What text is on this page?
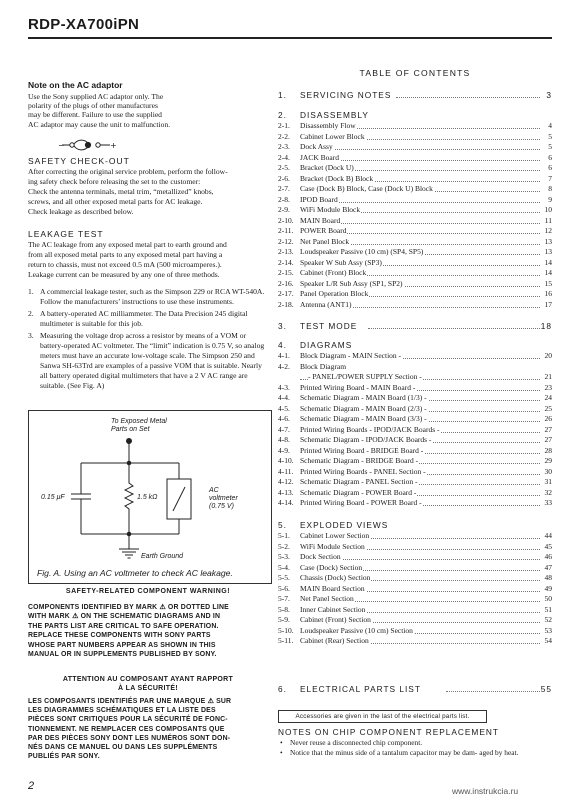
RDP-XA700iPN
Note on the AC adaptor
Use the Sony supplied AC adaptor only. The
polarity of the plugs of other manufactures
may be different. Failure to use the supplied
AC adaptor may cause the unit to malfunction.
−	+
SAFETY CHECK-OUT
After correcting the original service problem, perform the follow-
ing safety check before releasing the set to the customer:
Check the antenna terminals, metal trim, “metallized” knobs,
screws, and all other exposed metal parts for AC leakage.
Check leakage as described below.
LEAKAGE TEST
The AC leakage from any exposed metal part to earth ground and
from all exposed metal parts to any exposed metal part having a
return to chassis, must not exceed 0.5 mA (500 microamperes.).
Leakage current can be measured by any one of three methods.
1. A commercial leakage tester, such as the Simpson 229 or RCA WT-540A. Follow the manufacturers’ instructions to use these instruments.
2. A battery-operated AC milliammeter. The Data Precision 245 digital multimeter is suitable for this job.
3. Measuring the voltage drop across a resistor by means of a VOM or battery-operated AC voltmeter. The “limit” indication is 0.75 V, so analog meters must have an accurate low-voltage scale. The Simpson 250 and Sanwa SH-63Trd are examples of a passive VOM that is suitable. Nearly all battery operated digital multimeters that have a 2 V AC range are suitable. (See Fig. A)
To Exposed Metal
Parts on Set
0.15 μF	1.5 kΩ
AC
voltmeter
(0.75 V)
Earth Ground
Fig. A. Using an AC voltmeter to check AC leakage.
SAFETY-RELATED COMPONENT WARNING!
COMPONENTS IDENTIFIED BY MARK ⚠ OR DOTTED LINE
WITH MARK ⚠ ON THE SCHEMATIC DIAGRAMS AND IN
THE PARTS LIST ARE CRITICAL TO SAFE OPERATION.
REPLACE THESE COMPONENTS WITH SONY PARTS
WHOSE PART NUMBERS APPEAR AS SHOWN IN THIS
MANUAL OR IN SUPPLEMENTS PUBLISHED BY SONY.
ATTENTION AU COMPOSANT AYANT RAPPORT
À LA SÉCURITÉ!
LES COMPOSANTS IDENTIFIÉS PAR UNE MARQUE ⚠ SUR
LES DIAGRAMMES SCHÉMATIQUES ET LA LISTE DES
PIÈCES SONT CRITIQUES POUR LA SÉCURITÉ DE FONC-
TIONNEMENT. NE REMPLACER CES COMPOSANTS QUE
PAR DES PIÈCES SONY DONT LES NUMÉROS SONT DON-
NÉS DANS CE MANUEL OU DANS LES SUPPLÉMENTS
PUBLIÉS PAR SONY.
TABLE OF CONTENTS
1. SERVICING NOTES	3
2. DISASSEMBLY
2-1. Disassembly Flow	4
2-2. Cabinet Lower Block	5
2-3. Dock Assy	5
2-4. JACK Board	6
2-5. Bracket (Dock U)	6
2-6. Bracket (Dock B) Block	7
2-7. Case (Dock B) Block, Case (Dock U) Block	8
2-8. IPOD Board	9
2-9. WiFi Module Block	10
2-10. MAIN Board	11
2-11. POWER Board	12
2-12. Net Panel Block	13
2-13. Loudspeaker Passive (10 cm) (SP4, SP5)	13
2-14. Speaker W Sub Assy (SP3)	14
2-15. Cabinet (Front) Block	14
2-16. Speaker L/R Sub Assy (SP1, SP2)	15
2-17. Panel Operation Block	16
2-18. Antenna (ANT1)	17
3. TEST MODE	18
4. DIAGRAMS
4-1. Block Diagram - MAIN Section -	20
4-2. Block Diagram
- PANEL/POWER SUPPLY Section -	21
4-3. Printed Wiring Board - MAIN Board -	23
4-4. Schematic Diagram - MAIN Board (1/3) -	24
4-5. Schematic Diagram - MAIN Board (2/3) -	25
4-6. Schematic Diagram - MAIN Board (3/3) -	26
4-7. Printed Wiring Boards - IPOD/JACK Boards -	27
4-8. Schematic Diagram - IPOD/JACK Boards -	27
4-9. Printed Wiring Board - BRIDGE Board -	28
4-10. Schematic Diagram - BRIDGE Board -	29
4-11. Printed Wiring Boards - PANEL Section -	30
4-12. Schematic Diagram - PANEL Section -	31
4-13. Schematic Diagram - POWER Board -	32
4-14. Printed Wiring Board - POWER Board -	33
5. EXPLODED VIEWS
5-1. Cabinet Lower Section	44
5-2. WiFi Module Section	45
5-3. Dock Section	46
5-4. Case (Dock) Section	47
5-5. Chassis (Dock) Section	48
5-6. MAIN Board Section	49
5-7. Net Panel Section	50
5-8. Inner Cabinet Section	51
5-9. Cabinet (Front) Section	52
5-10. Loudspeaker Passive (10 cm) Section	53
5-11. Cabinet (Rear) Section	54
6. ELECTRICAL PARTS LIST	55
Accessories are given in the last of the electrical parts list.
NOTES ON CHIP COMPONENT REPLACEMENT
• Never reuse a disconnected chip component.
• Notice that the minus side of a tantalum capacitor may be dam- aged by heat.
2	www.instrukcia.ru
